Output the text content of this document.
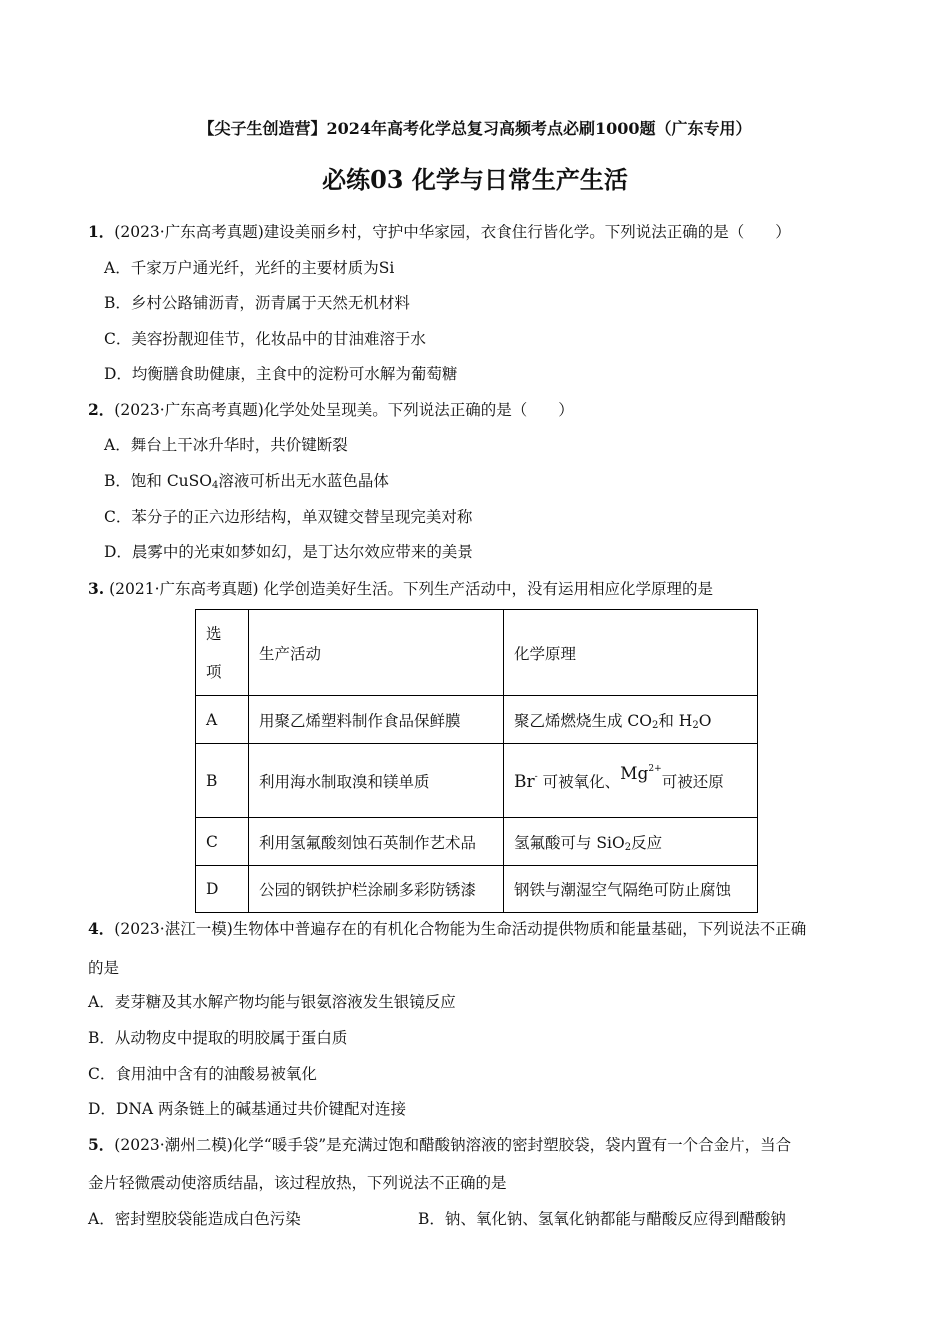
【尖子生创造营】2024年高考化学总复习高频考点必刷1000题（广东专用）
必练03 化学与日常生产生活
1．(2023·广东高考真题)建设美丽乡村，守护中华家园，衣食住行皆化学。下列说法正确的是（　　）
A．千家万户通光纤，光纤的主要材质为Si
B．乡村公路铺沥青，沥青属于天然无机材料
C．美容扮靓迎佳节，化妆品中的甘油难溶于水
D．均衡膳食助健康，主食中的淀粉可水解为葡萄糖
2．(2023·广东高考真题)化学处处呈现美。下列说法正确的是（　　）
A．舞台上干冰升华时，共价键断裂
B．饱和 CuSO$_4$溶液可析出无水蓝色晶体
C．苯分子的正六边形结构，单双键交替呈现完美对称
D．晨雾中的光束如梦如幻，是丁达尔效应带来的美景
3. (2021·广东高考真题) 化学创造美好生活。下列生产活动中，没有运用相应化学原理的是
选
项	生产活动	化学原理
A	用聚乙烯塑料制作食品保鲜膜	聚乙烯燃烧生成 $CO_2$和 $H_2O$
B	利用海水制取溴和镁单质	Br- 可被氧化、$Mg^{2+}$可被还原
C	利用氢氟酸刻蚀石英制作艺术品	氢氟酸可与 SiO$_2$反应
D	公园的钢铁护栏涂刷多彩防锈漆	钢铁与潮湿空气隔绝可防止腐蚀
4．(2023·湛江一模)生物体中普遍存在的有机化合物能为生命活动提供物质和能量基础，下列说法不正确
的是
A．麦芽糖及其水解产物均能与银氨溶液发生银镜反应
B．从动物皮中提取的明胶属于蛋白质
C．食用油中含有的油酸易被氧化
D．DNA 两条链上的碱基通过共价键配对连接
5．(2023·潮州二模)化学“暖手袋”是充满过饱和醋酸钠溶液的密封塑胶袋，袋内置有一个合金片，当合
金片轻微震动使溶质结晶，该过程放热，下列说法不正确的是
A．密封塑胶袋能造成白色污染	B．钠、氧化钠、氢氧化钠都能与醋酸反应得到醋酸钠
